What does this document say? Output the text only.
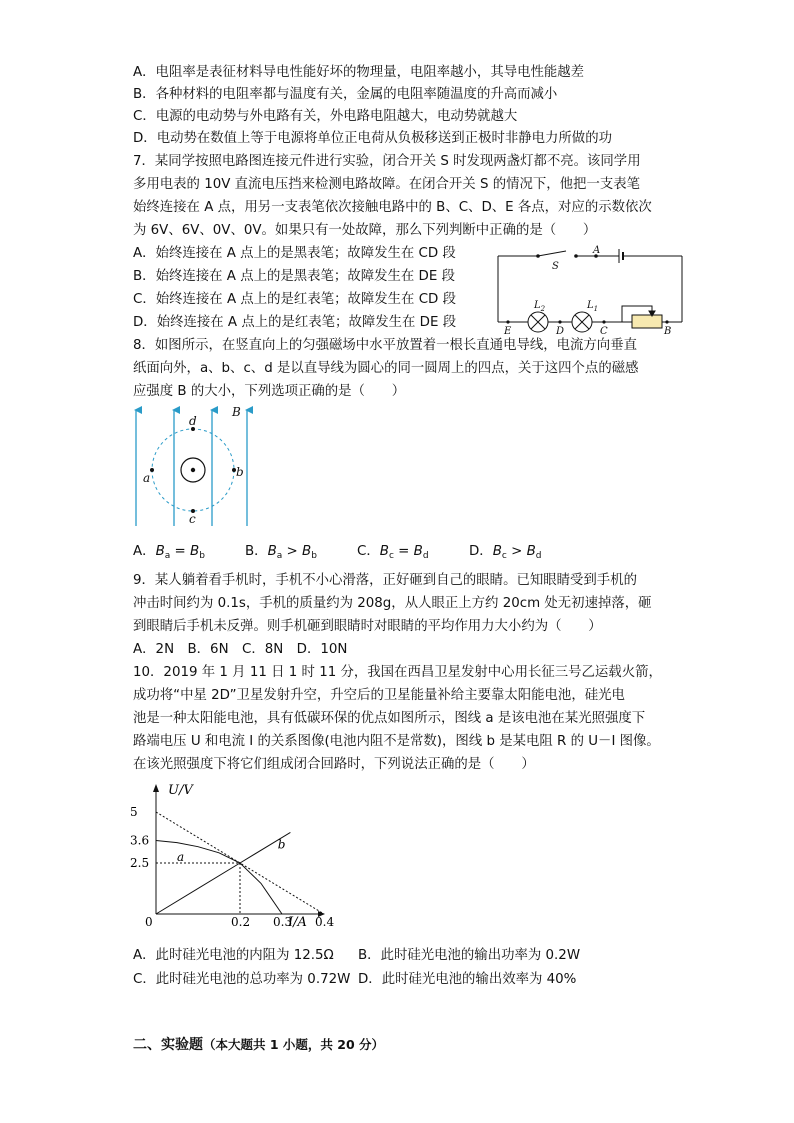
A．电阻率是表征材料导电性能好坏的物理量，电阻率越小，其导电性能越差
B．各种材料的电阻率都与温度有关，金属的电阻率随温度的升高而减小
C．电源的电动势与外电路有关，外电路电阻越大，电动势就越大
D．电动势在数值上等于电源将单位正电荷从负极移送到正极时非静电力所做的功
7．某同学按照电路图连接元件进行实验，闭合开关 S 时发现两盏灯都不亮。该同学用
多用电表的 10V 直流电压挡来检测电路故障。在闭合开关 S 的情况下，他把一支表笔
始终连接在 A 点，用另一支表笔依次接触电路中的 B、C、D、E 各点，对应的示数依次
为 6V、6V、0V、0V。如果只有一处故障，那么下列判断中正确的是（　　）
A．始终连接在 A 点上的是黑表笔；故障发生在 CD 段
B．始终连接在 A 点上的是黑表笔；故障发生在 DE 段
C．始终连接在 A 点上的是红表笔；故障发生在 CD 段
D．始终连接在 A 点上的是红表笔；故障发生在 DE 段
S
A
$L_2$	$L_1$
E	D	C	B
8．如图所示，在竖直向上的匀强磁场中水平放置着一根长直通电导线，电流方向垂直
纸面向外，a、b、c、d 是以直导线为圆心的同一圆周上的四点，关于这四个点的磁感
应强度 B 的大小，下列选项正确的是（　　）
B
a	b
c
d
A．$B_a = B_b$	B．$B_a > B_b$	C．$B_c = B_d$	D．$B_c > B_d$
9．某人躺着看手机时，手机不小心滑落，正好砸到自己的眼睛。已知眼睛受到手机的
冲击时间约为 0.1s，手机的质量约为 208g，从人眼正上方约 20cm 处无初速掉落，砸
到眼睛后手机未反弹。则手机砸到眼睛时对眼睛的平均作用力大小约为（　　）
A．2N　B．6N　C．8N　D．10N
10．2019 年 1 月 11 日 1 时 11 分，我国在西昌卫星发射中心用长征三号乙运载火箭，
成功将“中星 2D”卫星发射升空，升空后的卫星能量补给主要靠太阳能电池，硅光电
池是一种太阳能电池，具有低碳环保的优点如图所示，图线 a 是该电池在某光照强度下
路端电压 U 和电流 I 的关系图像(电池内阻不是常数)，图线 b 是某电阻 R 的 U－I 图像。
在该光照强度下将它们组成闭合回路时，下列说法正确的是（　　）
U/V
I/A
0	0.2 0.3 0.4
2.5
3.6
5
a
b
A．此时硅光电池的内阻为 12.5Ω B．此时硅光电池的输出功率为 0.2W
C．此时硅光电池的总功率为 0.72W D．此时硅光电池的输出效率为 40%
二、实验题（本大题共 1 小题，共 20 分）
